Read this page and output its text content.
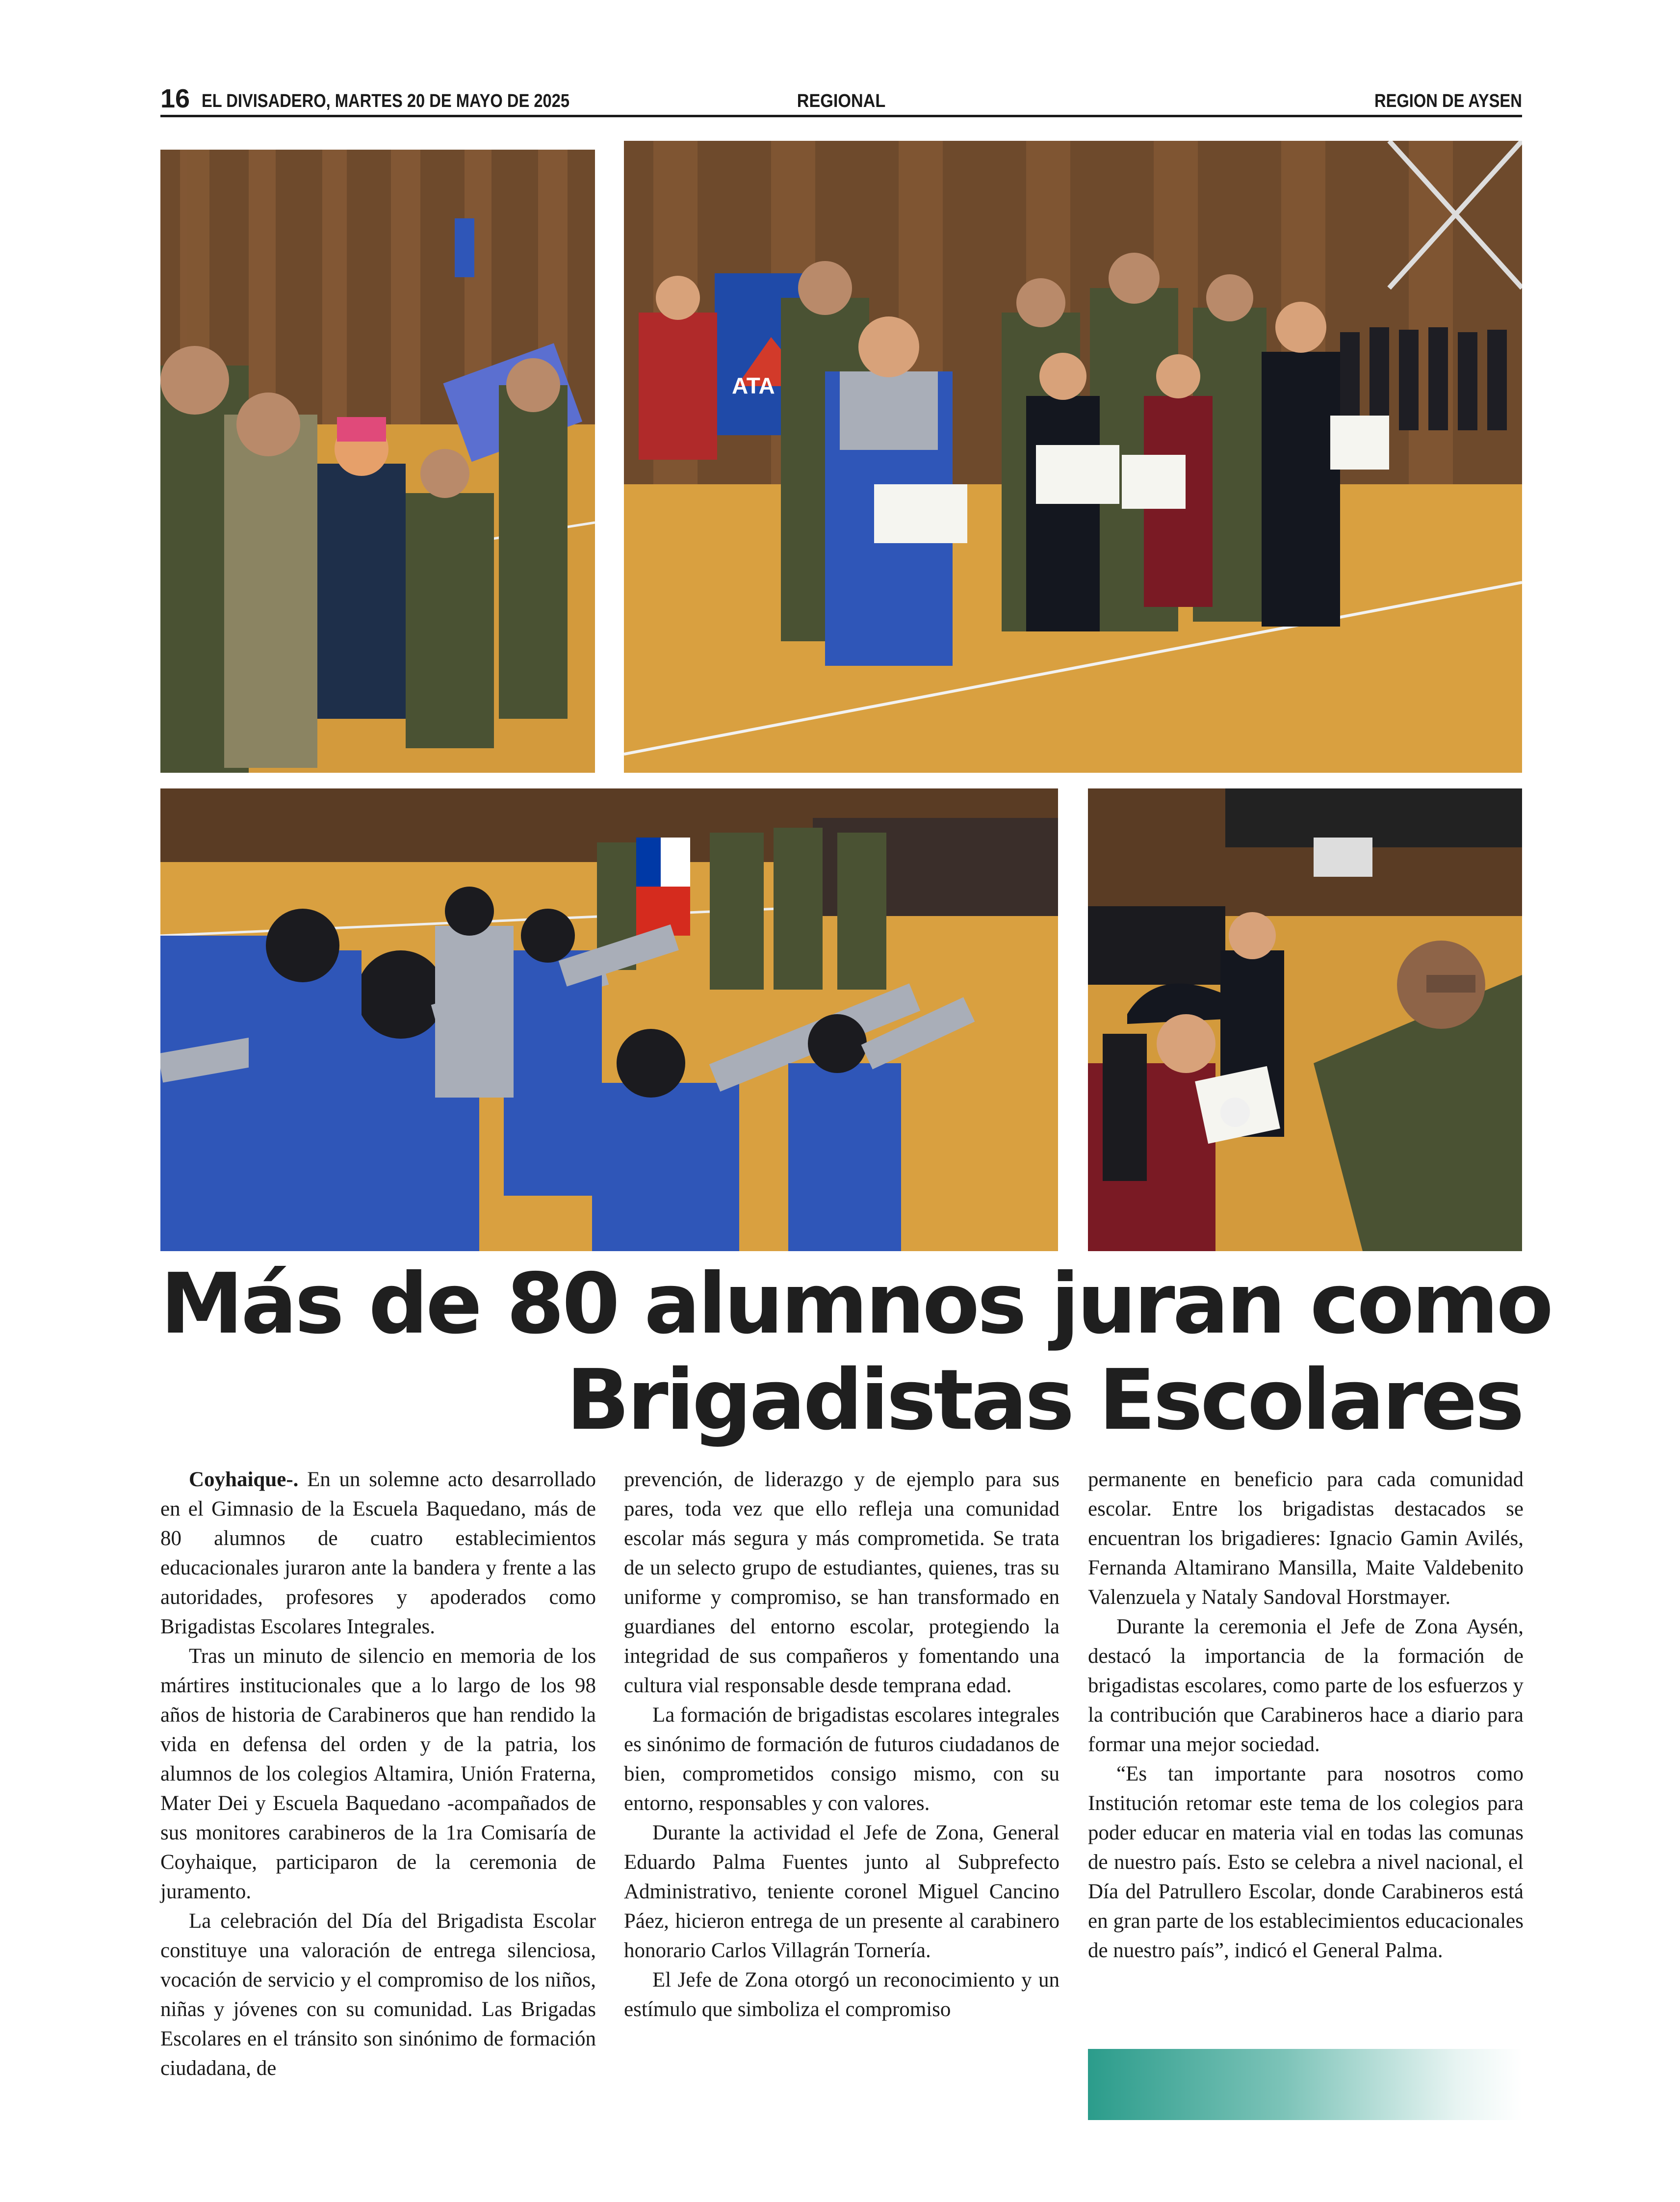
16 EL DIVISADERO, MARTES 20 DE MAYO DE 2025	REGIONAL	REGION DE AYSEN
ATA
Más de 80 alumnos juran como
Brigadistas Escolares

Coyhaique-. En un solemne acto desarrollado en el Gimnasio de la Escuela Baquedano, más de 80 alumnos de cuatro establecimientos educacionales juraron ante la bandera y frente a las autoridades, profesores y apoderados como Brigadistas Escolares Integrales.

Tras un minuto de silencio en memoria de los mártires institucionales que a lo largo de los 98 años de historia de Carabineros que han rendido la vida en defensa del orden y de la patria, los alumnos de los colegios Altamira, Unión Fraterna, Mater Dei y Escuela Baquedano -acompañados de sus monitores carabineros de la 1ra Comisaría de Coyhaique, participaron de la ceremonia de juramento.

La celebración del Día del Brigadista Escolar constituye una valoración de entrega silenciosa, vocación de servicio y el compromiso de los niños, niñas y jóvenes con su comunidad. Las Brigadas Escolares en el tránsito son sinónimo de formación ciudadana, de

prevención, de liderazgo y de ejemplo para sus pares, toda vez que ello refleja una comunidad escolar más segura y más comprometida. Se trata de un selecto grupo de estudiantes, quienes, tras su uniforme y compromiso, se han transformado en guardianes del entorno escolar, protegiendo la integridad de sus compañeros y fomentando una cultura vial responsable desde temprana edad.

La formación de brigadistas escolares integrales es sinónimo de formación de futuros ciudadanos de bien, comprometidos consigo mismo, con su entorno, responsables y con valores.

Durante la actividad el Jefe de Zona, General Eduardo Palma Fuentes junto al Subprefecto Administrativo, teniente coronel Miguel Cancino Páez, hicieron entrega de un presente al carabinero honorario Carlos Villagrán Tornería.

El Jefe de Zona otorgó un reconocimiento y un estímulo que simboliza el compromiso

permanente en beneficio para cada comunidad escolar. Entre los brigadistas destacados se encuentran los brigadieres: Ignacio Gamin Avilés, Fernanda Altamirano Mansilla, Maite Valdebenito Valenzuela y Nataly Sandoval Horstmayer.

Durante la ceremonia el Jefe de Zona Aysén, destacó la importancia de la formación de brigadistas escolares, como parte de los esfuerzos y la contribución que Carabineros hace a diario para formar una mejor sociedad.

“Es tan importante para nosotros como Institución retomar este tema de los colegios para poder educar en materia vial en todas las comunas de nuestro país. Esto se celebra a nivel nacional, el Día del Patrullero Escolar, donde Carabineros está en gran parte de los establecimientos educacionales de nuestro país”, indicó el General Palma.
